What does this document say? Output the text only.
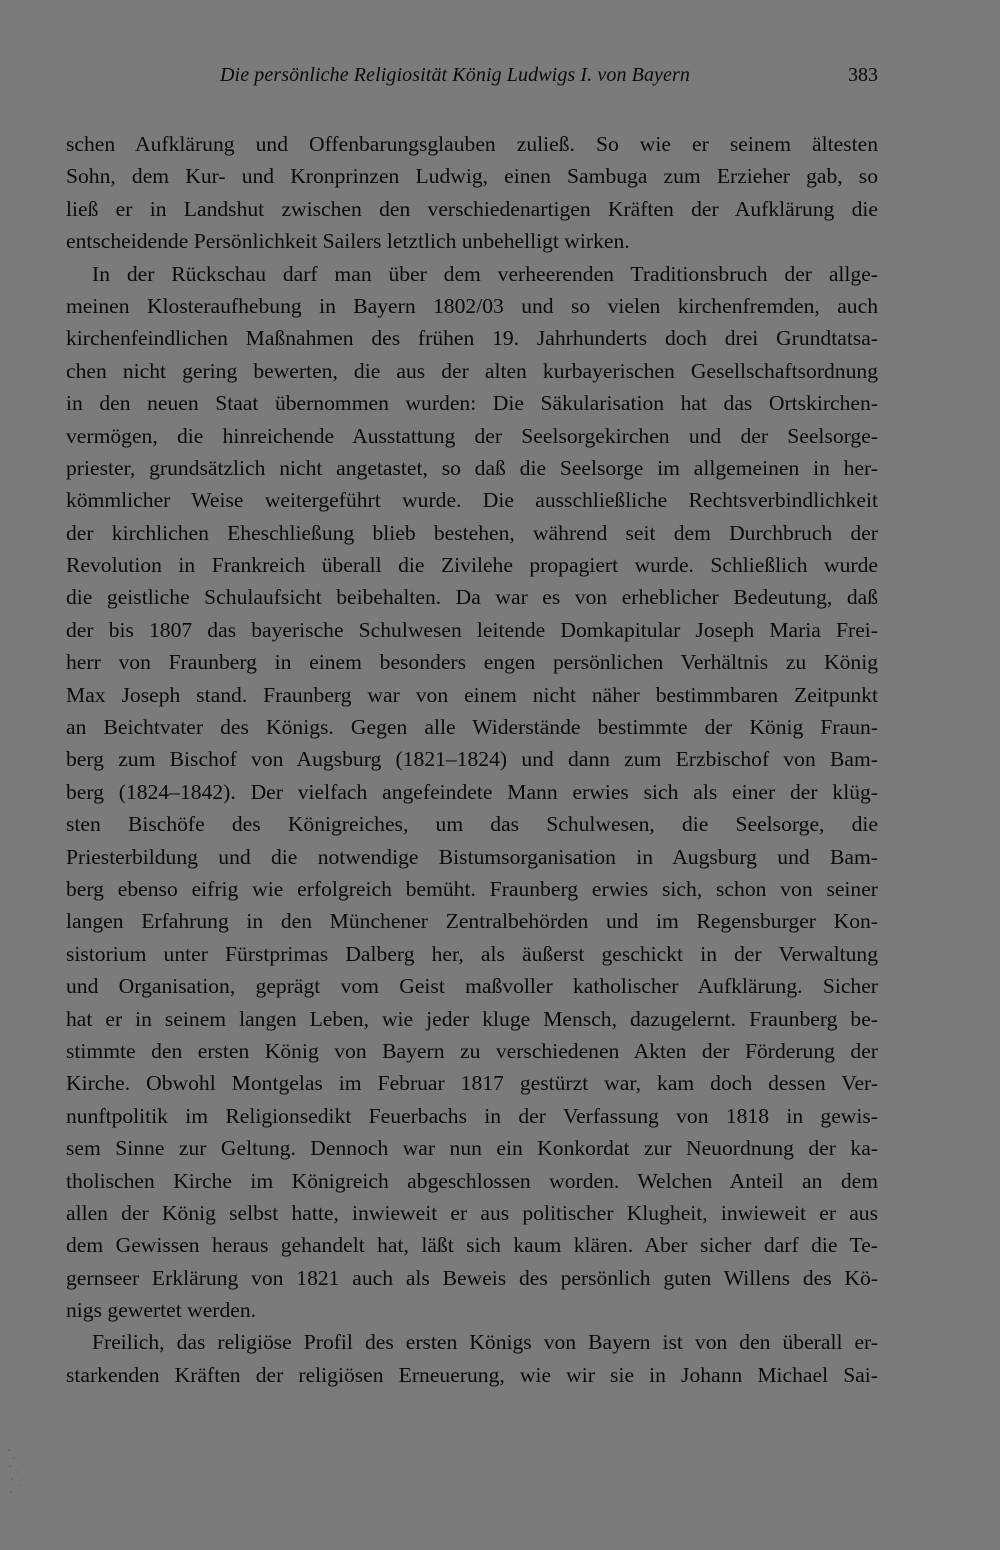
Die persönliche Religiosität König Ludwigs I. von Bayern	383
schen Aufklärung und Offenbarungsglauben zuließ. So wie er seinem ältesten
Sohn, dem Kur- und Kronprinzen Ludwig, einen Sambuga zum Erzieher gab, so
ließ er in Landshut zwischen den verschiedenartigen Kräften der Aufklärung die
entscheidende Persönlichkeit Sailers letztlich unbehelligt wirken.
In der Rückschau darf man über dem verheerenden Traditionsbruch der allge-
meinen Klosteraufhebung in Bayern 1802/03 und so vielen kirchenfremden, auch
kirchenfeindlichen Maßnahmen des frühen 19. Jahrhunderts doch drei Grundtatsa-
chen nicht gering bewerten, die aus der alten kurbayerischen Gesellschaftsordnung
in den neuen Staat übernommen wurden: Die Säkularisation hat das Ortskirchen-
vermögen, die hinreichende Ausstattung der Seelsorgekirchen und der Seelsorge-
priester, grundsätzlich nicht angetastet, so daß die Seelsorge im allgemeinen in her-
kömmlicher Weise weitergeführt wurde. Die ausschließliche Rechtsverbindlichkeit
der kirchlichen Eheschließung blieb bestehen, während seit dem Durchbruch der
Revolution in Frankreich überall die Zivilehe propagiert wurde. Schließlich wurde
die geistliche Schulaufsicht beibehalten. Da war es von erheblicher Bedeutung, daß
der bis 1807 das bayerische Schulwesen leitende Domkapitular Joseph Maria Frei-
herr von Fraunberg in einem besonders engen persönlichen Verhältnis zu König
Max Joseph stand. Fraunberg war von einem nicht näher bestimmbaren Zeitpunkt
an Beichtvater des Königs. Gegen alle Widerstände bestimmte der König Fraun-
berg zum Bischof von Augsburg (1821–1824) und dann zum Erzbischof von Bam-
berg (1824–1842). Der vielfach angefeindete Mann erwies sich als einer der klüg-
sten Bischöfe des Königreiches, um das Schulwesen, die Seelsorge, die
Priesterbildung und die notwendige Bistumsorganisation in Augsburg und Bam-
berg ebenso eifrig wie erfolgreich bemüht. Fraunberg erwies sich, schon von seiner
langen Erfahrung in den Münchener Zentralbehörden und im Regensburger Kon-
sistorium unter Fürstprimas Dalberg her, als äußerst geschickt in der Verwaltung
und Organisation, geprägt vom Geist maßvoller katholischer Aufklärung. Sicher
hat er in seinem langen Leben, wie jeder kluge Mensch, dazugelernt. Fraunberg be-
stimmte den ersten König von Bayern zu verschiedenen Akten der Förderung der
Kirche. Obwohl Montgelas im Februar 1817 gestürzt war, kam doch dessen Ver-
nunftpolitik im Religionsedikt Feuerbachs in der Verfassung von 1818 in gewis-
sem Sinne zur Geltung. Dennoch war nun ein Konkordat zur Neuordnung der ka-
tholischen Kirche im Königreich abgeschlossen worden. Welchen Anteil an dem
allen der König selbst hatte, inwieweit er aus politischer Klugheit, inwieweit er aus
dem Gewissen heraus gehandelt hat, läßt sich kaum klären. Aber sicher darf die Te-
gernseer Erklärung von 1821 auch als Beweis des persönlich guten Willens des Kö-
nigs gewertet werden.
Freilich, das religiöse Profil des ersten Königs von Bayern ist von den überall er-
starkenden Kräften der religiösen Erneuerung, wie wir sie in Johann Michael Sai-
